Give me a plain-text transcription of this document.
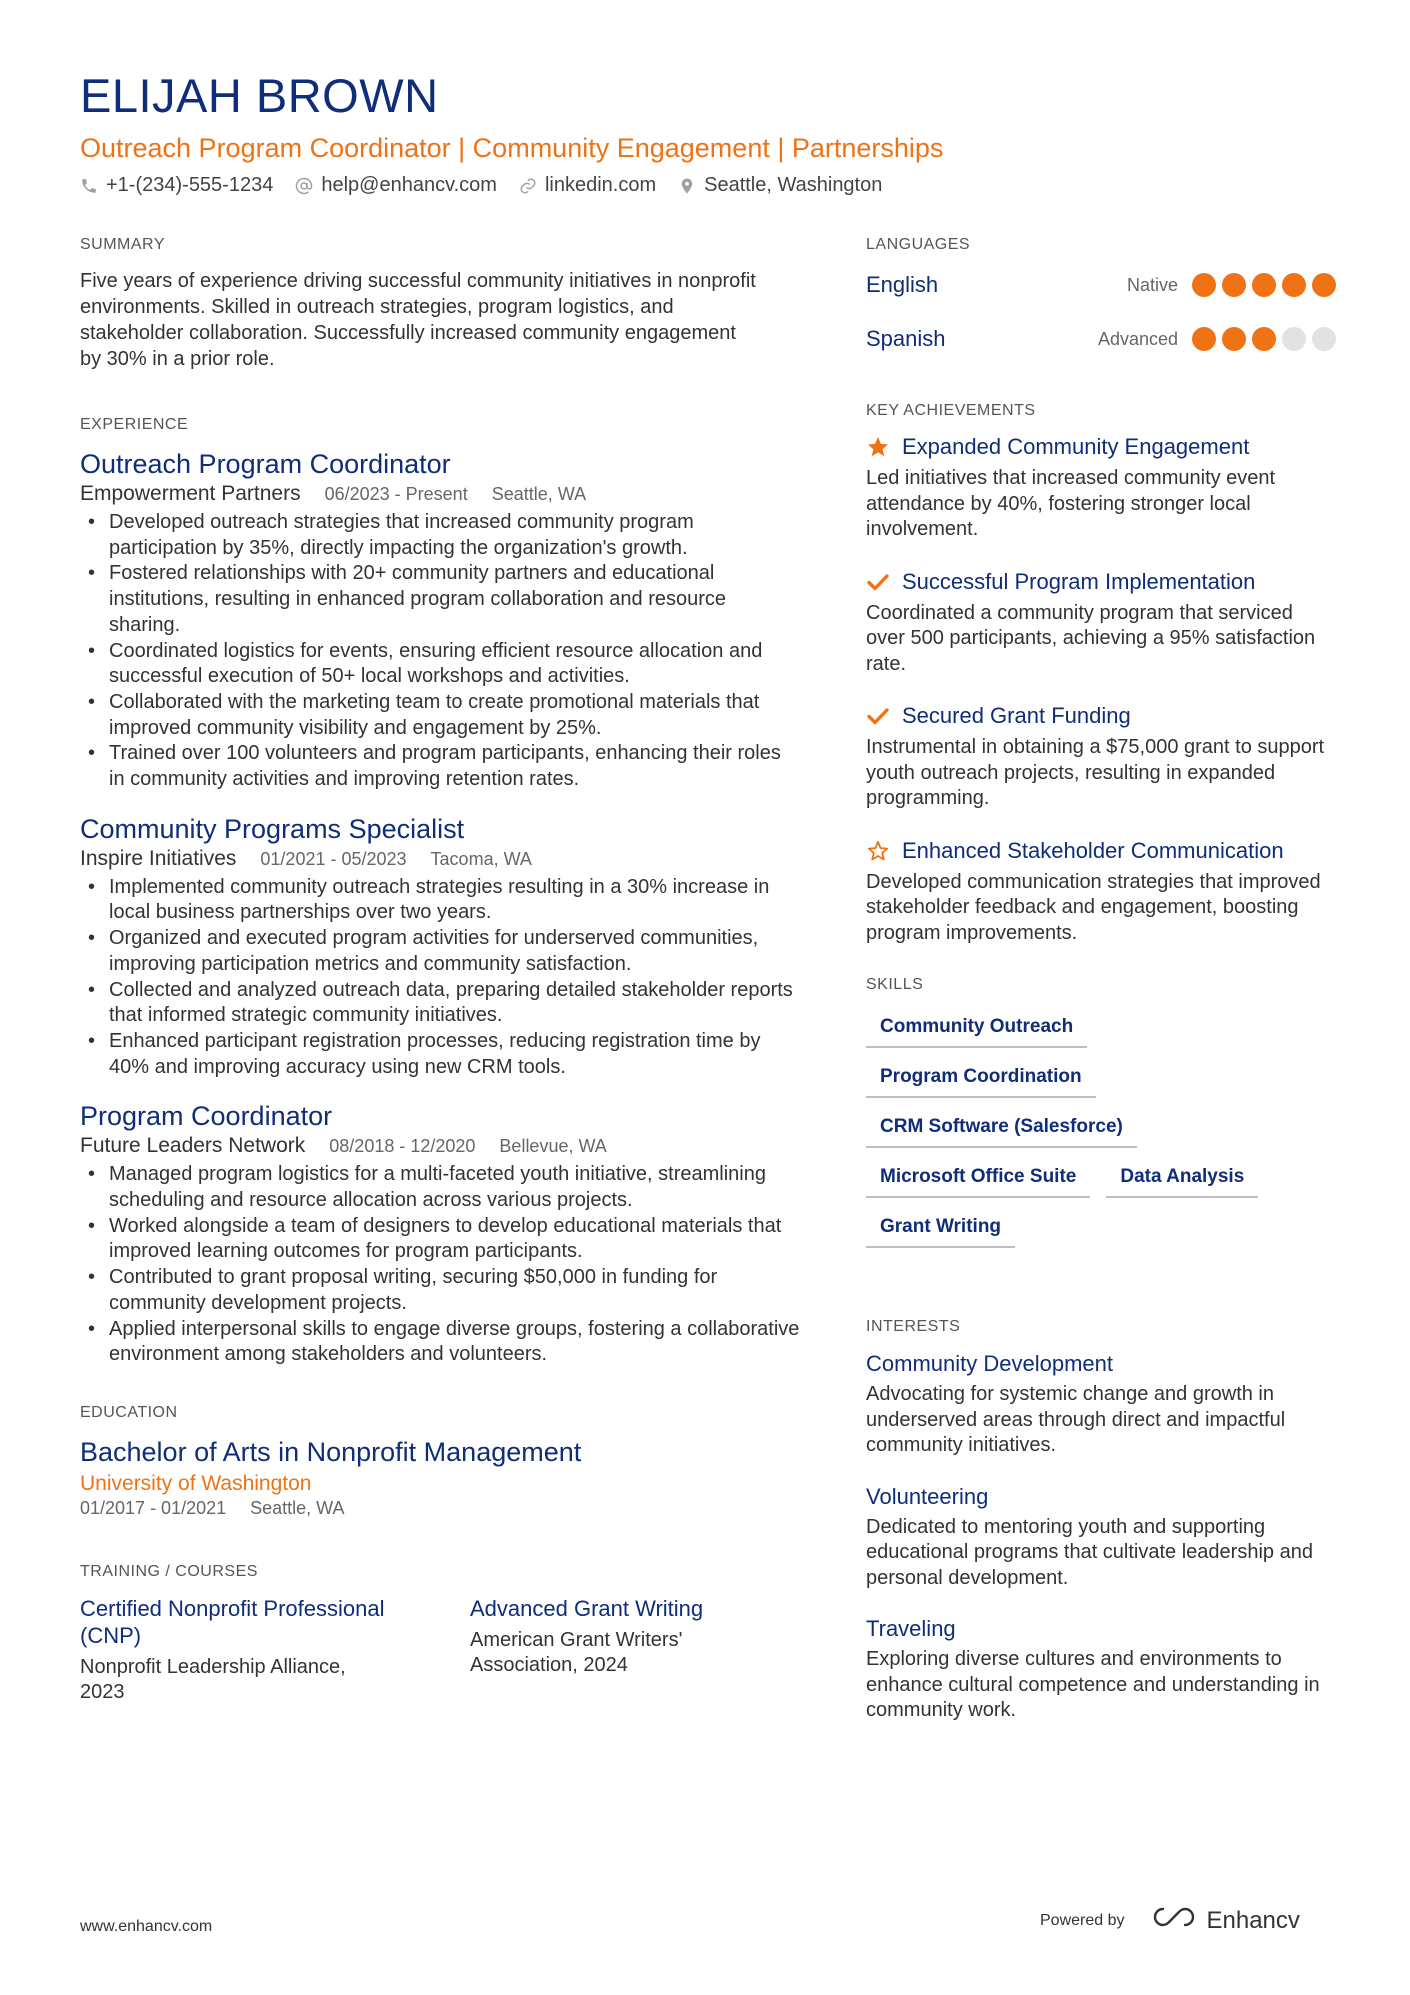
ELIJAH BROWN
Outreach Program Coordinator | Community Engagement | Partnerships
+1-(234)-555-1234 help@enhancv.com linkedin.com Seattle, Washington
SUMMARY
Five years of experience driving successful community initiatives in nonprofit environments. Skilled in outreach strategies, program logistics, and stakeholder collaboration. Successfully increased community engagement by 30% in a prior role.
EXPERIENCE
Outreach Program Coordinator
Empowerment Partners 06/2023 - Present Seattle, WA
• Developed outreach strategies that increased community program participation by 35%, directly impacting the organization's growth.
• Fostered relationships with 20+ community partners and educational institutions, resulting in enhanced program collaboration and resource sharing.
• Coordinated logistics for events, ensuring efficient resource allocation and successful execution of 50+ local workshops and activities.
• Collaborated with the marketing team to create promotional materials that improved community visibility and engagement by 25%.
• Trained over 100 volunteers and program participants, enhancing their roles in community activities and improving retention rates.
Community Programs Specialist
Inspire Initiatives 01/2021 - 05/2023 Tacoma, WA
• Implemented community outreach strategies resulting in a 30% increase in local business partnerships over two years.
• Organized and executed program activities for underserved communities, improving participation metrics and community satisfaction.
• Collected and analyzed outreach data, preparing detailed stakeholder reports that informed strategic community initiatives.
• Enhanced participant registration processes, reducing registration time by 40% and improving accuracy using new CRM tools.
Program Coordinator
Future Leaders Network 08/2018 - 12/2020 Bellevue, WA
• Managed program logistics for a multi-faceted youth initiative, streamlining scheduling and resource allocation across various projects.
• Worked alongside a team of designers to develop educational materials that improved learning outcomes for program participants.
• Contributed to grant proposal writing, securing $50,000 in funding for community development projects.
• Applied interpersonal skills to engage diverse groups, fostering a collaborative environment among stakeholders and volunteers.
EDUCATION
Bachelor of Arts in Nonprofit Management
University of Washington
01/2017 - 01/2021 Seattle, WA
TRAINING / COURSES
Certified Nonprofit Professional (CNP)
Nonprofit Leadership Alliance, 2023
Advanced Grant Writing
American Grant Writers' Association, 2024
LANGUAGES
English	Native
Spanish	Advanced
KEY ACHIEVEMENTS
Expanded Community Engagement
Led initiatives that increased community event attendance by 40%, fostering stronger local involvement.
Successful Program Implementation
Coordinated a community program that serviced over 500 participants, achieving a 95% satisfaction rate.
Secured Grant Funding
Instrumental in obtaining a $75,000 grant to support youth outreach projects, resulting in expanded programming.
Enhanced Stakeholder Communication
Developed communication strategies that improved stakeholder feedback and engagement, boosting program improvements.
SKILLS
Community Outreach
Program Coordination
CRM Software (Salesforce)
Microsoft Office Suite	Data Analysis
Grant Writing
INTERESTS
Community Development
Advocating for systemic change and growth in underserved areas through direct and impactful community initiatives.
Volunteering
Dedicated to mentoring youth and supporting educational programs that cultivate leadership and personal development.
Traveling
Exploring diverse cultures and environments to enhance cultural competence and understanding in community work.
www.enhancv.com	Powered by	Enhancv
